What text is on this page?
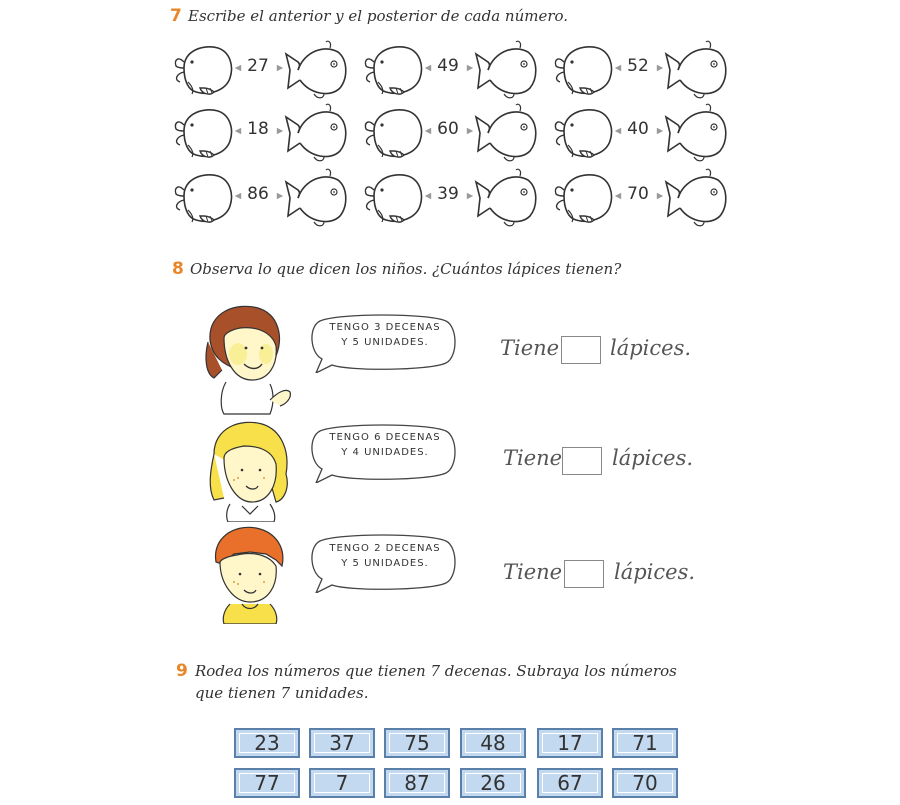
7 Escribe el anterior y el posterior de cada número.
27	49	52
18	60	40
86	39	70
8 Observa lo que dicen los niños. ¿Cuántos lápices tienen?
TENGO 3 DECENAS
Y 5 UNIDADES.	Tiene lápices.
TENGO 6 DECENAS
Y 4 UNIDADES.	Tiene lápices.
TENGO 2 DECENAS
Y 5 UNIDADES.	Tiene lápices.
9 Rodea los números que tienen 7 decenas. Subraya los números
que tienen 7 unidades.
23	37	75	48	17	71
77	7	87	26	67	70
